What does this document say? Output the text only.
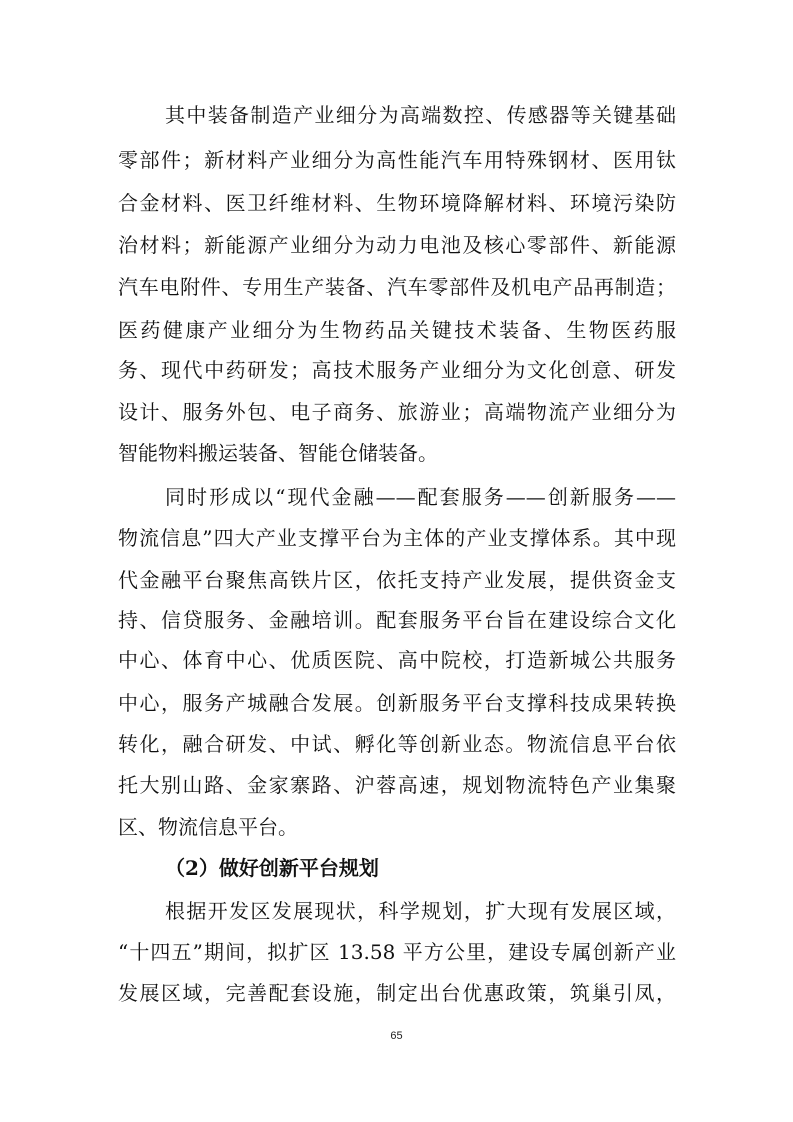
其中装备制造产业细分为高端数控、传感器等关键基础
零部件；新材料产业细分为高性能汽车用特殊钢材、医用钛
合金材料、医卫纤维材料、生物环境降解材料、环境污染防
治材料；新能源产业细分为动力电池及核心零部件、新能源
汽车电附件、专用生产装备、汽车零部件及机电产品再制造；
医药健康产业细分为生物药品关键技术装备、生物医药服
务、现代中药研发；高技术服务产业细分为文化创意、研发
设计、服务外包、电子商务、旅游业；高端物流产业细分为
智能物料搬运装备、智能仓储装备。
同时形成以“现代金融——配套服务——创新服务——
物流信息”四大产业支撑平台为主体的产业支撑体系。其中现
代金融平台聚焦高铁片区，依托支持产业发展，提供资金支
持、信贷服务、金融培训。配套服务平台旨在建设综合文化
中心、体育中心、优质医院、高中院校，打造新城公共服务
中心，服务产城融合发展。创新服务平台支撑科技成果转换
转化，融合研发、中试、孵化等创新业态。物流信息平台依
托大别山路、金家寨路、沪蓉高速，规划物流特色产业集聚
区、物流信息平台。
（2）做好创新平台规划
根据开发区发展现状，科学规划，扩大现有发展区域，
“十四五”期间，拟扩区 13.58 平方公里，建设专属创新产业
发展区域，完善配套设施，制定出台优惠政策，筑巢引凤，
65
